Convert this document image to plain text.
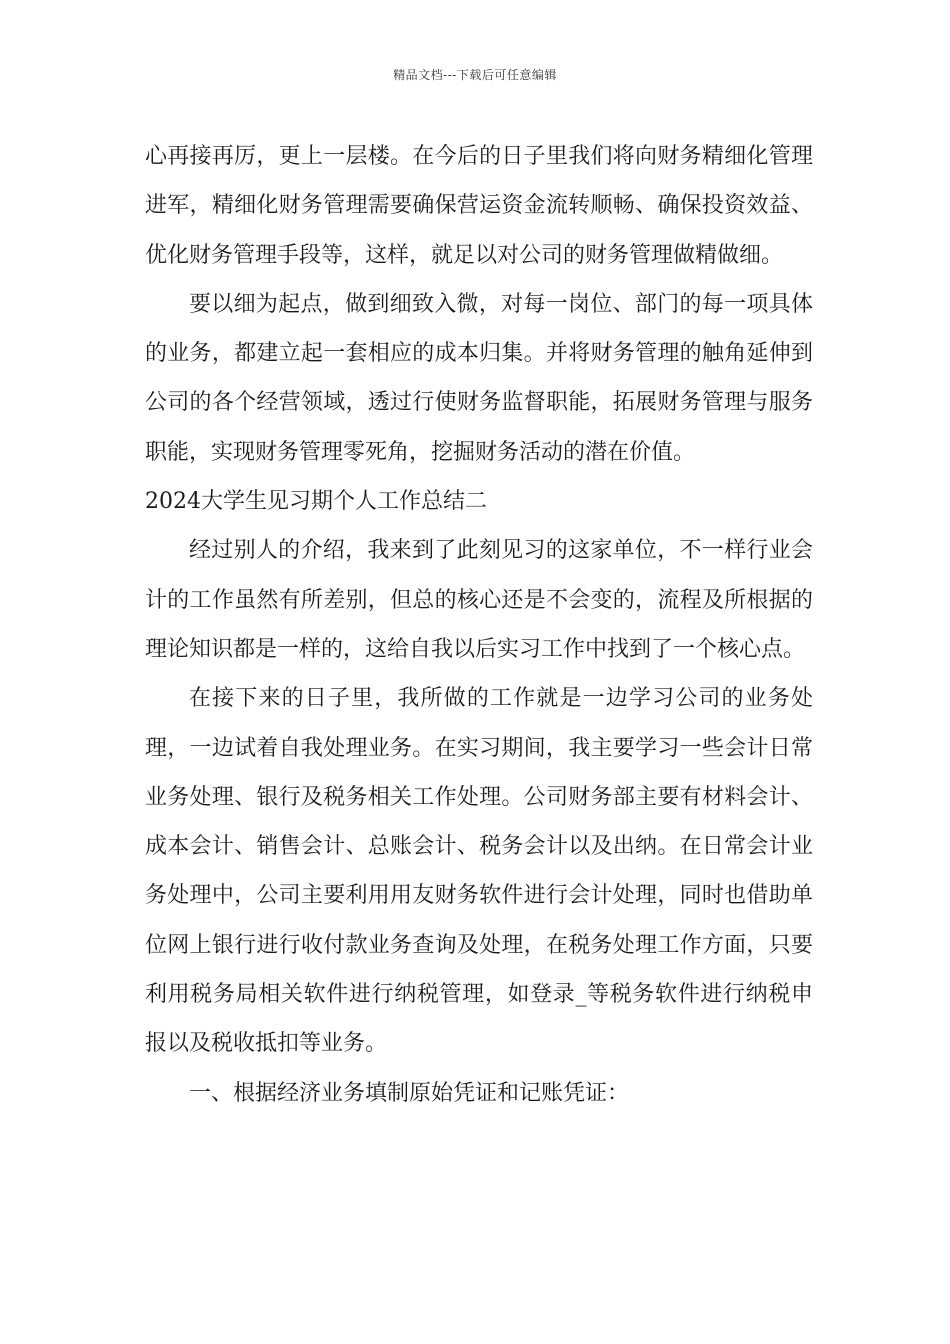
精品文档---下载后可任意编辑

心再接再厉，更上一层楼。在今后的日子里我们将向财务精细化管理进军，精细化财务管理需要确保营运资金流转顺畅、确保投资效益、优化财务管理手段等，这样，就足以对公司的财务管理做精做细。

要以细为起点，做到细致入微，对每一岗位、部门的每一项具体的业务，都建立起一套相应的成本归集。并将财务管理的触角延伸到公司的各个经营领域，透过行使财务监督职能，拓展财务管理与服务职能，实现财务管理零死角，挖掘财务活动的潜在价值。

2024大学生见习期个人工作总结二

经过别人的介绍，我来到了此刻见习的这家单位，不一样行业会计的工作虽然有所差别，但总的核心还是不会变的，流程及所根据的理论知识都是一样的，这给自我以后实习工作中找到了一个核心点。

在接下来的日子里，我所做的工作就是一边学习公司的业务处理，一边试着自我处理业务。在实习期间，我主要学习一些会计日常业务处理、银行及税务相关工作处理。公司财务部主要有材料会计、成本会计、销售会计、总账会计、税务会计以及出纳。在日常会计业务处理中，公司主要利用用友财务软件进行会计处理，同时也借助单位网上银行进行收付款业务查询及处理，在税务处理工作方面，只要利用税务局相关软件进行纳税管理，如登录_等税务软件进行纳税申报以及税收抵扣等业务。

一、根据经济业务填制原始凭证和记账凭证：
